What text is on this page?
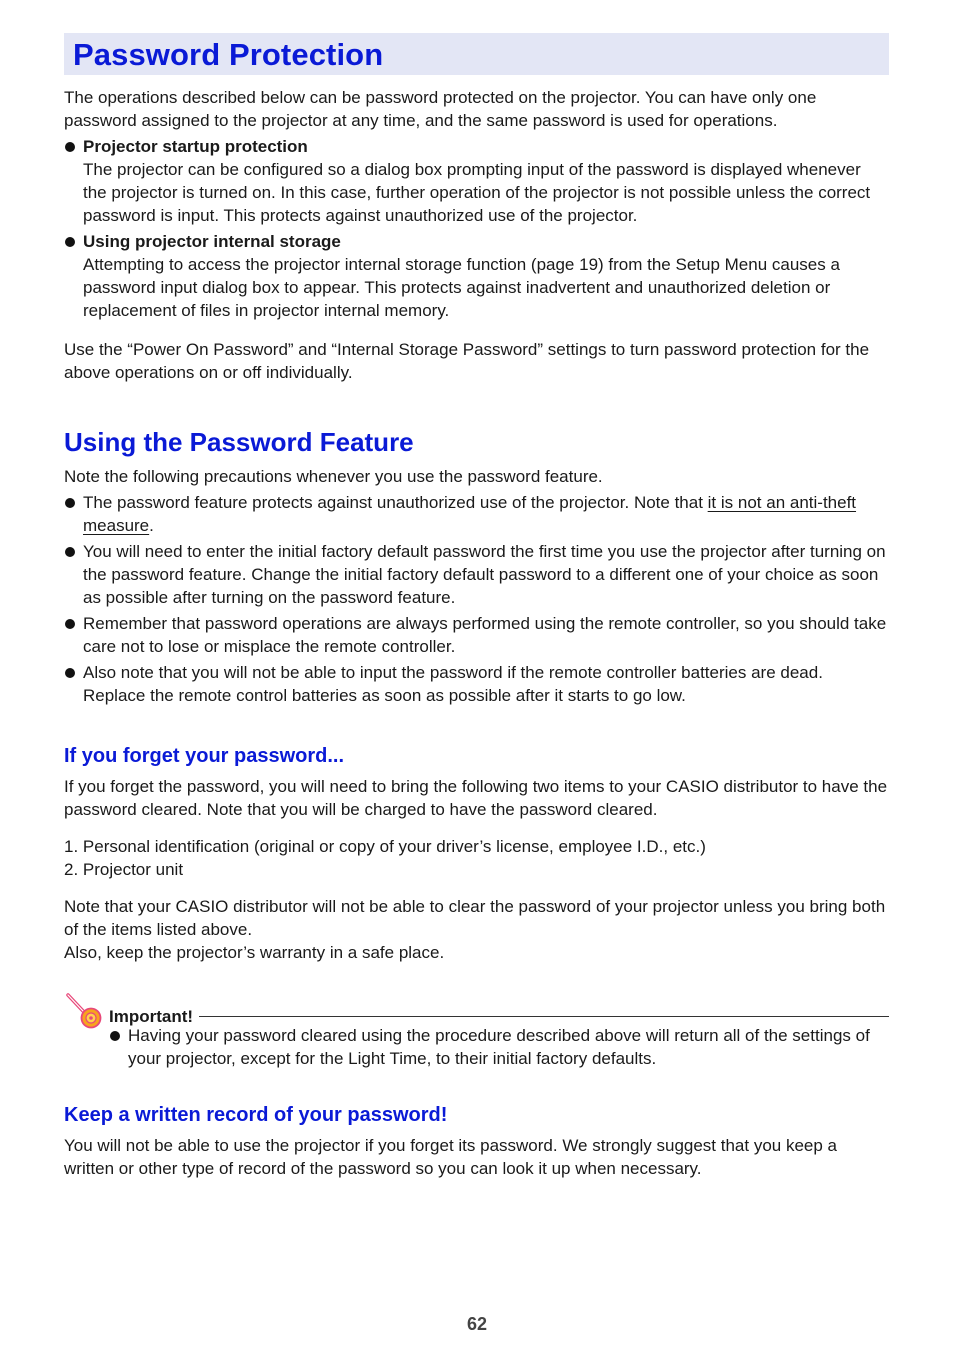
Password Protection

The operations described below can be password protected on the projector. You can have only one password assigned to the projector at any time, and the same password is used for operations.

Projector startup protection
The projector can be configured so a dialog box prompting input of the password is displayed whenever the projector is turned on. In this case, further operation of the projector is not possible unless the correct password is input. This protects against unauthorized use of the projector.
Using projector internal storage
Attempting to access the projector internal storage function (page 19) from the Setup Menu causes a password input dialog box to appear. This protects against inadvertent and unauthorized deletion or replacement of files in projector internal memory.

Use the “Power On Password” and “Internal Storage Password” settings to turn password protection for the above operations on or off individually.

Using the Password Feature

Note the following precautions whenever you use the password feature.

The password feature protects against unauthorized use of the projector. Note that it is not an anti-theft measure.
You will need to enter the initial factory default password the first time you use the projector after turning on the password feature. Change the initial factory default password to a different one of your choice as soon as possible after turning on the password feature.
Remember that password operations are always performed using the remote controller, so you should take care not to lose or misplace the remote controller.
Also note that you will not be able to input the password if the remote controller batteries are dead. Replace the remote control batteries as soon as possible after it starts to go low.
If you forget your password...

If you forget the password, you will need to bring the following two items to your CASIO distributor to have the password cleared. Note that you will be charged to have the password cleared.

1. Personal identification (original or copy of your driver’s license, employee I.D., etc.)

2. Projector unit

Note that your CASIO distributor will not be able to clear the password of your projector unless you bring both of the items listed above.

Also, keep the projector’s warranty in a safe place.

Important!
Having your password cleared using the procedure described above will return all of the settings of your projector, except for the Light Time, to their initial factory defaults.
Keep a written record of your password!

You will not be able to use the projector if you forget its password. We strongly suggest that you keep a written or other type of record of the password so you can look it up when necessary.

62
